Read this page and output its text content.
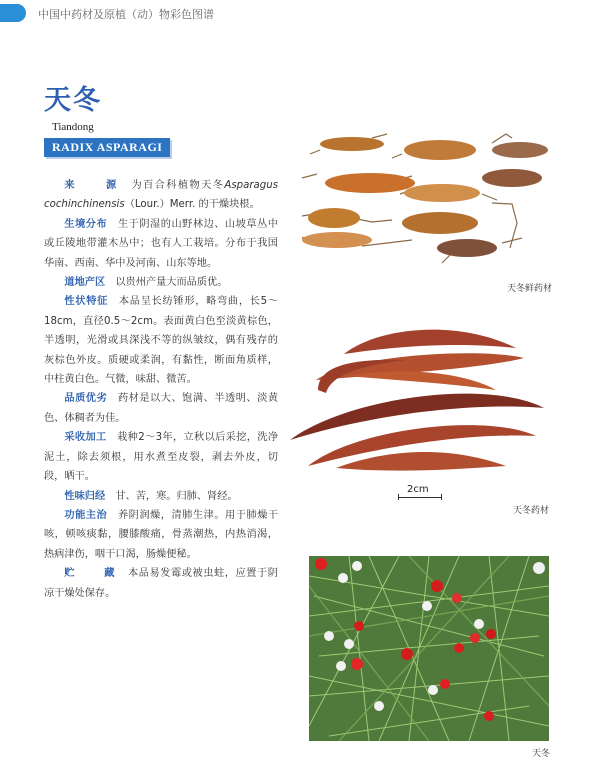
中国中药材及原植（动）物彩色图谱
天冬
Tiandong
RADIX ASPARAGI

来　源 为百合科植物天冬Asparagus cochinchinensis（Lour.）Merr. 的干燥块根。

生境分布　 生于阴湿的山野林边、山坡草丛中或丘陵地带灌木丛中；也有人工栽培。分布于我国华南、西南、华中及河南、山东等地。

道地产区　 以贵州产量大而品质优。

性状特征　 本品呈长纺锤形，略弯曲，长5～18cm，直径0.5～2cm。表面黄白色至淡黄棕色，半透明，光滑或具深浅不等的纵皱纹，偶有残存的灰棕色外皮。质硬或柔润，有黏性，断面角质样，中柱黄白色。气微，味甜、微苦。

品质优劣　 药材是以大、饱满、半透明、淡黄色、体稠者为佳。

采收加工　 栽种2～3年，立秋以后采挖，洗净泥土，除去须根，用水煮至皮裂，剥去外皮，切段，晒干。

性味归经　 甘、苦，寒。归肺、肾经。

功能主治　 养阴润燥，清肺生津。用于肺燥干咳，顿咳痰黏，腰膝酸痛，骨蒸潮热，内热消渴，热病津伤，咽干口渴，肠燥便秘。

贮　藏 本品易发霉或被虫蛀，应置于阴凉干燥处保存。

天冬鲜药材
2cm
天冬药材
天冬
